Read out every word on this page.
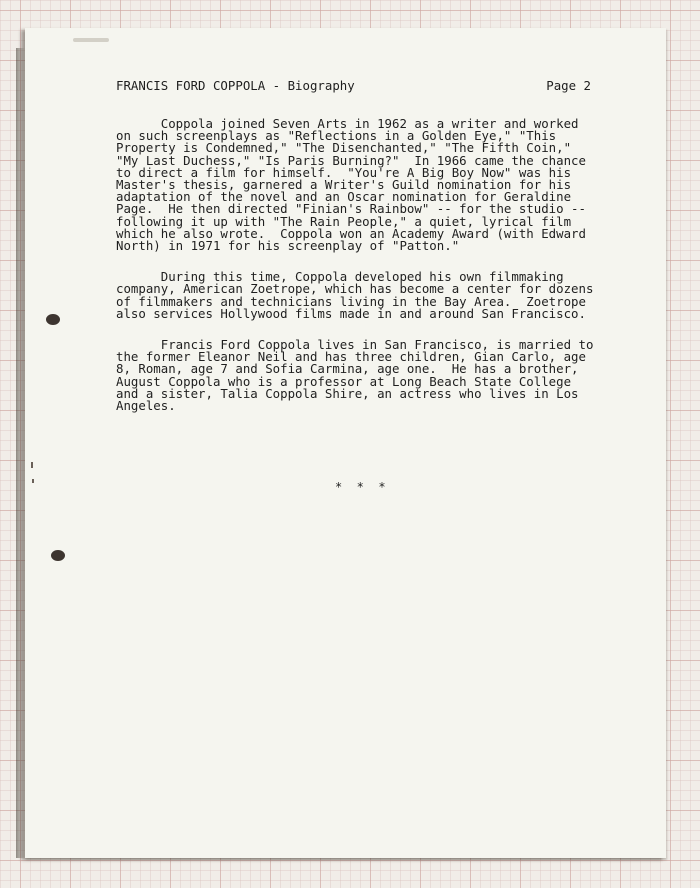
FRANCIS FORD COPPOLA - Biography	Page 2
Coppola joined Seven Arts in 1962 as a writer and worked
on such screenplays as "Reflections in a Golden Eye," "This
Property is Condemned," "The Disenchanted," "The Fifth Coin,"
"My Last Duchess," "Is Paris Burning?"  In 1966 came the chance
to direct a film for himself.  "You're A Big Boy Now" was his
Master's thesis, garnered a Writer's Guild nomination for his
adaptation of the novel and an Oscar nomination for Geraldine
Page.  He then directed "Finian's Rainbow" -- for the studio --
following it up with "The Rain People," a quiet, lyrical film
which he also wrote.  Coppola won an Academy Award (with Edward
North) in 1971 for his screenplay of "Patton."
During this time, Coppola developed his own filmmaking
company, American Zoetrope, which has become a center for dozens
of filmmakers and technicians living in the Bay Area.  Zoetrope
also services Hollywood films made in and around San Francisco.
Francis Ford Coppola lives in San Francisco, is married to
the former Eleanor Neil and has three children, Gian Carlo, age
8, Roman, age 7 and Sofia Carmina, age one.  He has a brother,
August Coppola who is a professor at Long Beach State College
and a sister, Talia Coppola Shire, an actress who lives in Los
Angeles.
*  *  *
